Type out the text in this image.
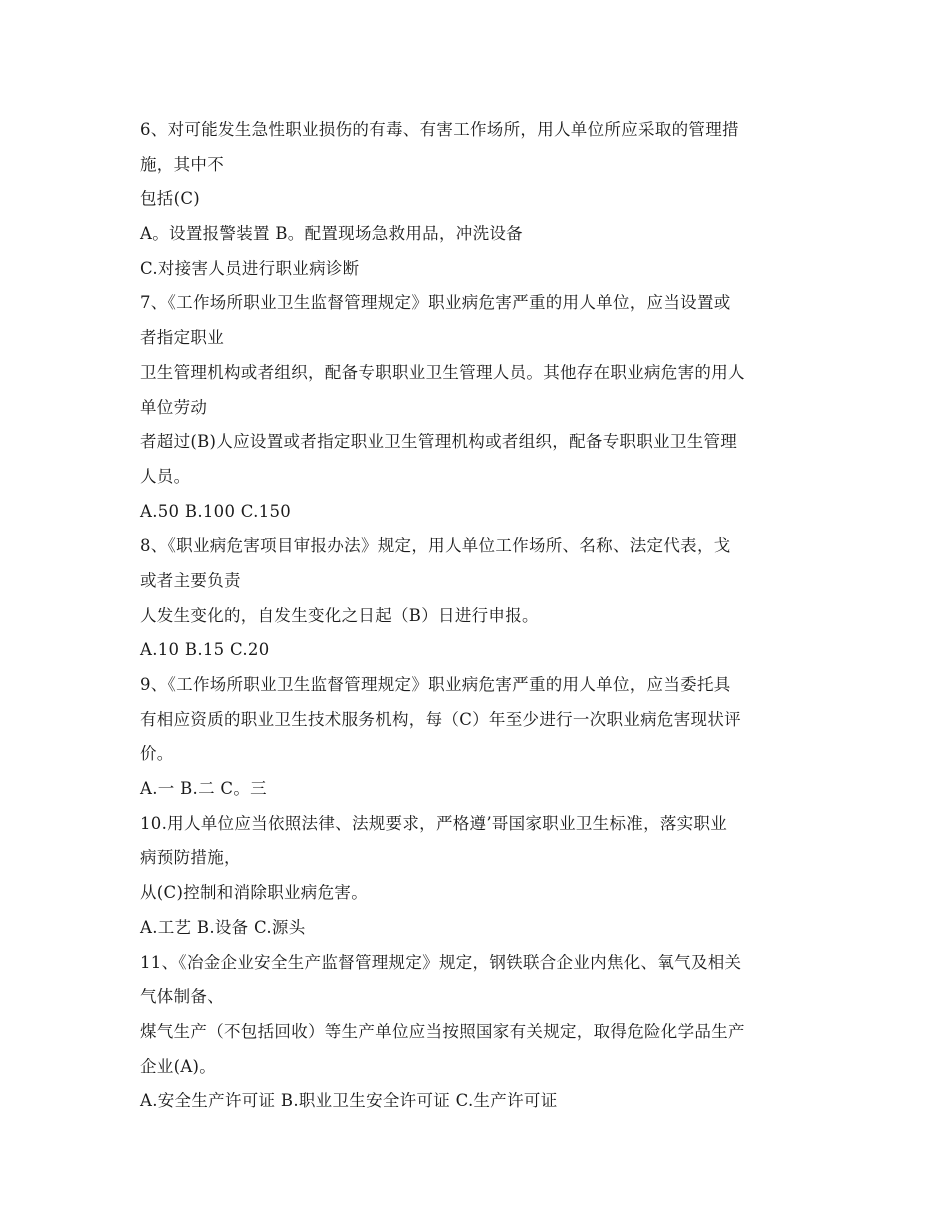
6、对可能发生急性职业损伤的有毒、有害工作场所，用人单位所应采取的管理措
施，其中不
包括(C)
A。设置报警装置 B。配置现场急救用品，冲洗设备
C.对接害人员进行职业病诊断
7、《工作场所职业卫生监督管理规定》职业病危害严重的用人单位，应当设置或
者指定职业
卫生管理机构或者组织，配备专职职业卫生管理人员。其他存在职业病危害的用人
单位劳动
者超过(B)人应设置或者指定职业卫生管理机构或者组织，配备专职职业卫生管理
人员。
A.50 B.100 C.150
8、《职业病危害项目审报办法》规定，用人单位工作场所、名称、法定代表，戈
或者主要负责
人发生变化的，自发生变化之日起（B）日进行申报。
A.10 B.15 C.20
9、《工作场所职业卫生监督管理规定》职业病危害严重的用人单位，应当委托具
有相应资质的职业卫生技术服务机构，每（C）年至少进行一次职业病危害现状评
价。
A.一 B.二 C。三
10.用人单位应当依照法律、法规要求，严格遵’哥国家职业卫生标准，落实职业
病预防措施，
从(C)控制和消除职业病危害。
A.工艺 B.设备 C.源头
11、《冶金企业安全生产监督管理规定》规定，钢铁联合企业内焦化、氧气及相关
气体制备、
煤气生产（不包括回收）等生产单位应当按照国家有关规定，取得危险化学品生产
企业(A)。
A.安全生产许可证 B.职业卫生安全许可证 C.生产许可证
